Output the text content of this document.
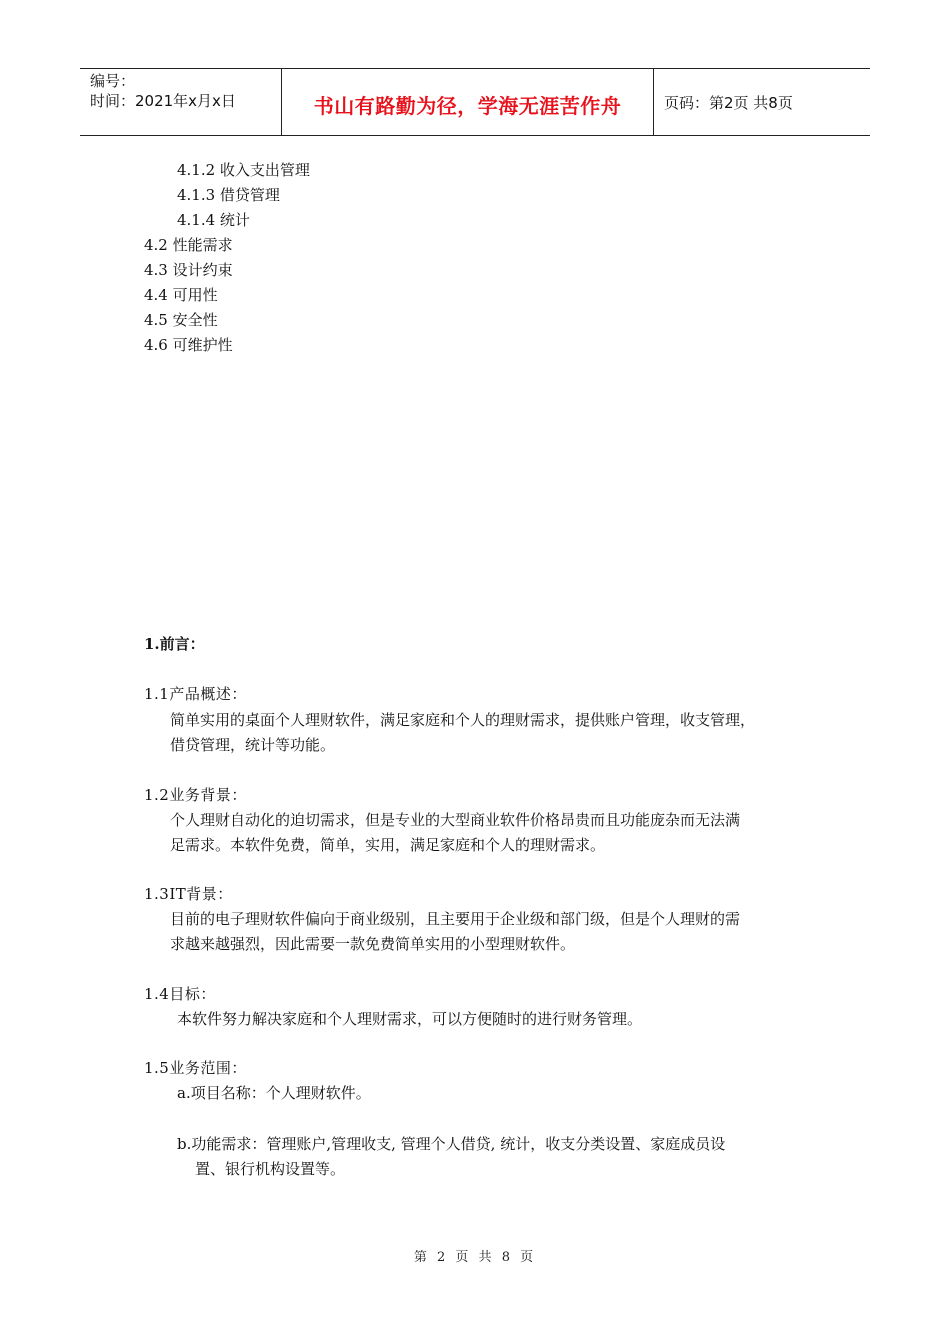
编号：
时间：2021年x月x日	书山有路勤为径，学海无涯苦作舟	页码：第2页 共8页
4.1.2 收入支出管理
4.1.3 借贷管理
4.1.4 统计
4.2 性能需求
4.3 设计约束
4.4 可用性
4.5 安全性
4.6 可维护性
1.前言：
1.1产品概述：
简单实用的桌面个人理财软件，满足家庭和个人的理财需求，提供账户管理，收支管理，
借贷管理，统计等功能。
1.2业务背景：
个人理财自动化的迫切需求，但是专业的大型商业软件价格昂贵而且功能庞杂而无法满
足需求。本软件免费，简单，实用，满足家庭和个人的理财需求。
1.3IT背景：
目前的电子理财软件偏向于商业级别，且主要用于企业级和部门级，但是个人理财的需
求越来越强烈，因此需要一款免费简单实用的小型理财软件。
1.4目标：
本软件努力解决家庭和个人理财需求，可以方便随时的进行财务管理。
1.5业务范围：
a.项目名称：个人理财软件。
b.功能需求：管理账户,管理收支, 管理个人借贷, 统计，收支分类设置、家庭成员设
置、银行机构设置等。
第 2 页 共 8 页
